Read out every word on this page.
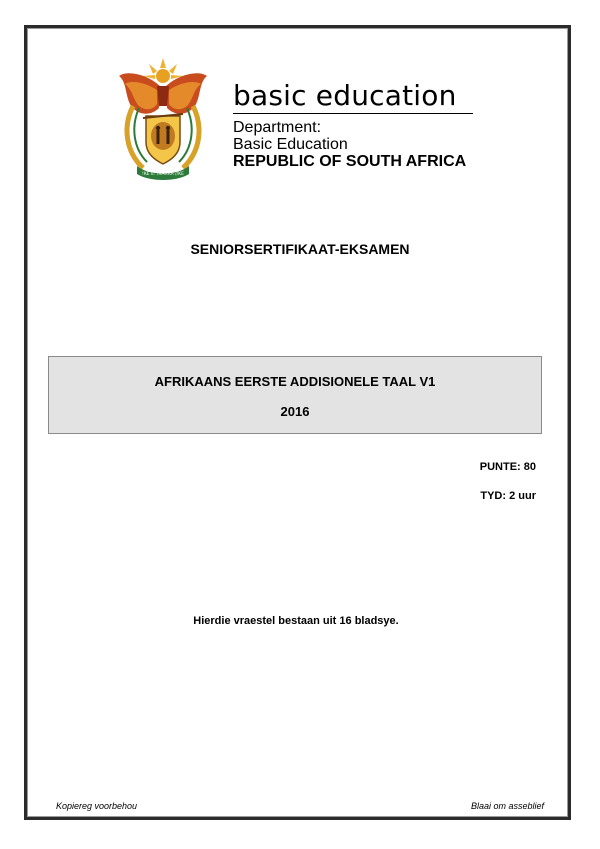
!KE E: /XARRA //KE
basic education
Department:
Basic Education
REPUBLIC OF SOUTH AFRICA
SENIORSERTIFIKAAT-EKSAMEN
AFRIKAANS EERSTE ADDISIONELE TAAL V1
2016
PUNTE: 80
TYD: 2 uur
Hierdie vraestel bestaan uit 16 bladsye.
Kopiereg voorbehou	Blaai om asseblief
